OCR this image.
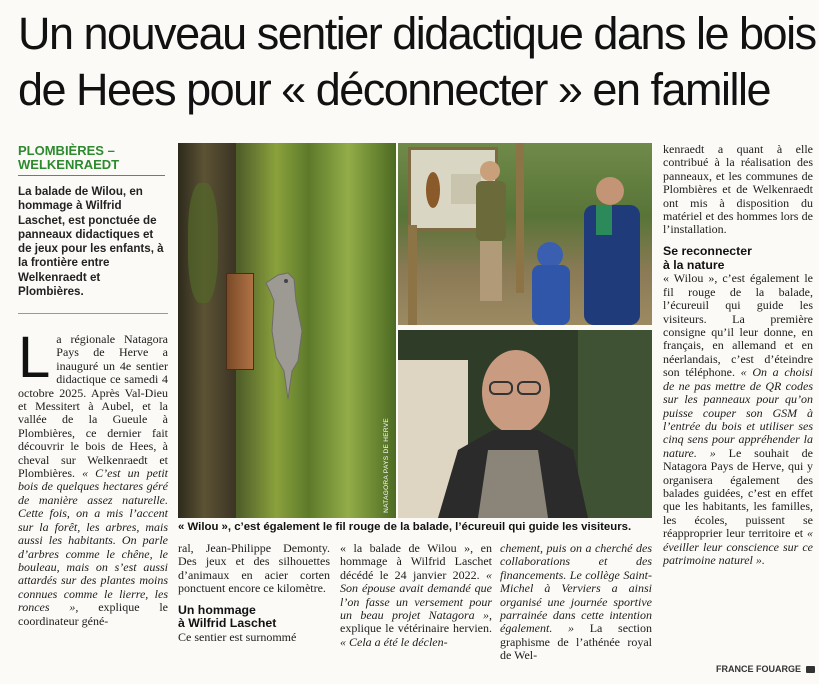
Un nouveau sentier didactique dans le bois
de Hees pour « déconnecter » en famille
PLOMBIÈRES –
WELKENRAEDT
La balade de Wilou, en hommage à Wilfrid Laschet, est ponctuée de panneaux didactiques et de jeux pour les enfants, à la frontière entre Welkenraedt et Plombières.
L a régionale Natagora Pays de Herve a inauguré un 4e sentier didactique ce samedi 4 octobre 2025. Après Val-Dieu et Messitert à Aubel, et la vallée de la Gueule à Plombières, ce dernier fait découvrir le bois de Hees, à cheval sur Welkenraedt et Plombières. « C’est un petit bois de quelques hectares géré de manière assez naturelle. Cette fois, on a mis l’accent sur la forêt, les arbres, mais aussi les habitants. On parle d’arbres comme le chêne, le bouleau, mais on s’est aussi attardés sur des plantes moins connues comme le lierre, les ronces », explique le coordinateur géné-
NATAGORA PAYS DE HERVE
« Wilou », c’est également le fil rouge de la balade, l’écureuil qui guide les visiteurs.

ral, Jean-Philippe Demonty. Des jeux et des silhouettes d’animaux en acier corten ponctuent encore ce kilomètre.

Un hommage
à Wilfrid Laschet

Ce sentier est surnommé

« la balade de Wilou », en hommage à Wilfrid Laschet décédé le 24 janvier 2022. « Son épouse avait demandé que l’on fasse un versement pour un beau projet Natagora », explique le vétérinaire hervien. « Cela a été le déclen-
chement, puis on a cherché des collaborations et des financements. Le collège Saint-Michel à Verviers a ainsi organisé une journée sportive parrainée dans cette intention également. » La section graphisme de l’athénée royal de Wel-

kenraedt a quant à elle contribué à la réalisation des panneaux, et les communes de Plombières et de Welkenraedt ont mis à disposition du matériel et des hommes lors de l’installation.

Se reconnecter
à la nature

« Wilou », c’est également le fil rouge de la balade, l’écureuil qui guide les visiteurs. La première consigne qu’il leur donne, en français, en allemand et en néerlandais, c’est d’éteindre son téléphone. « On a choisi de ne pas mettre de QR codes sur les panneaux pour qu’on puisse couper son GSM à l’entrée du bois et utiliser ses cinq sens pour appréhender la nature. » Le souhait de Natagora Pays de Herve, qui y organisera également des balades guidées, c’est en effet que les habitants, les familles, les écoles, puissent se réapproprier leur territoire et « éveiller leur conscience sur ce patrimoine naturel ».

FRANCE FOUARGE
